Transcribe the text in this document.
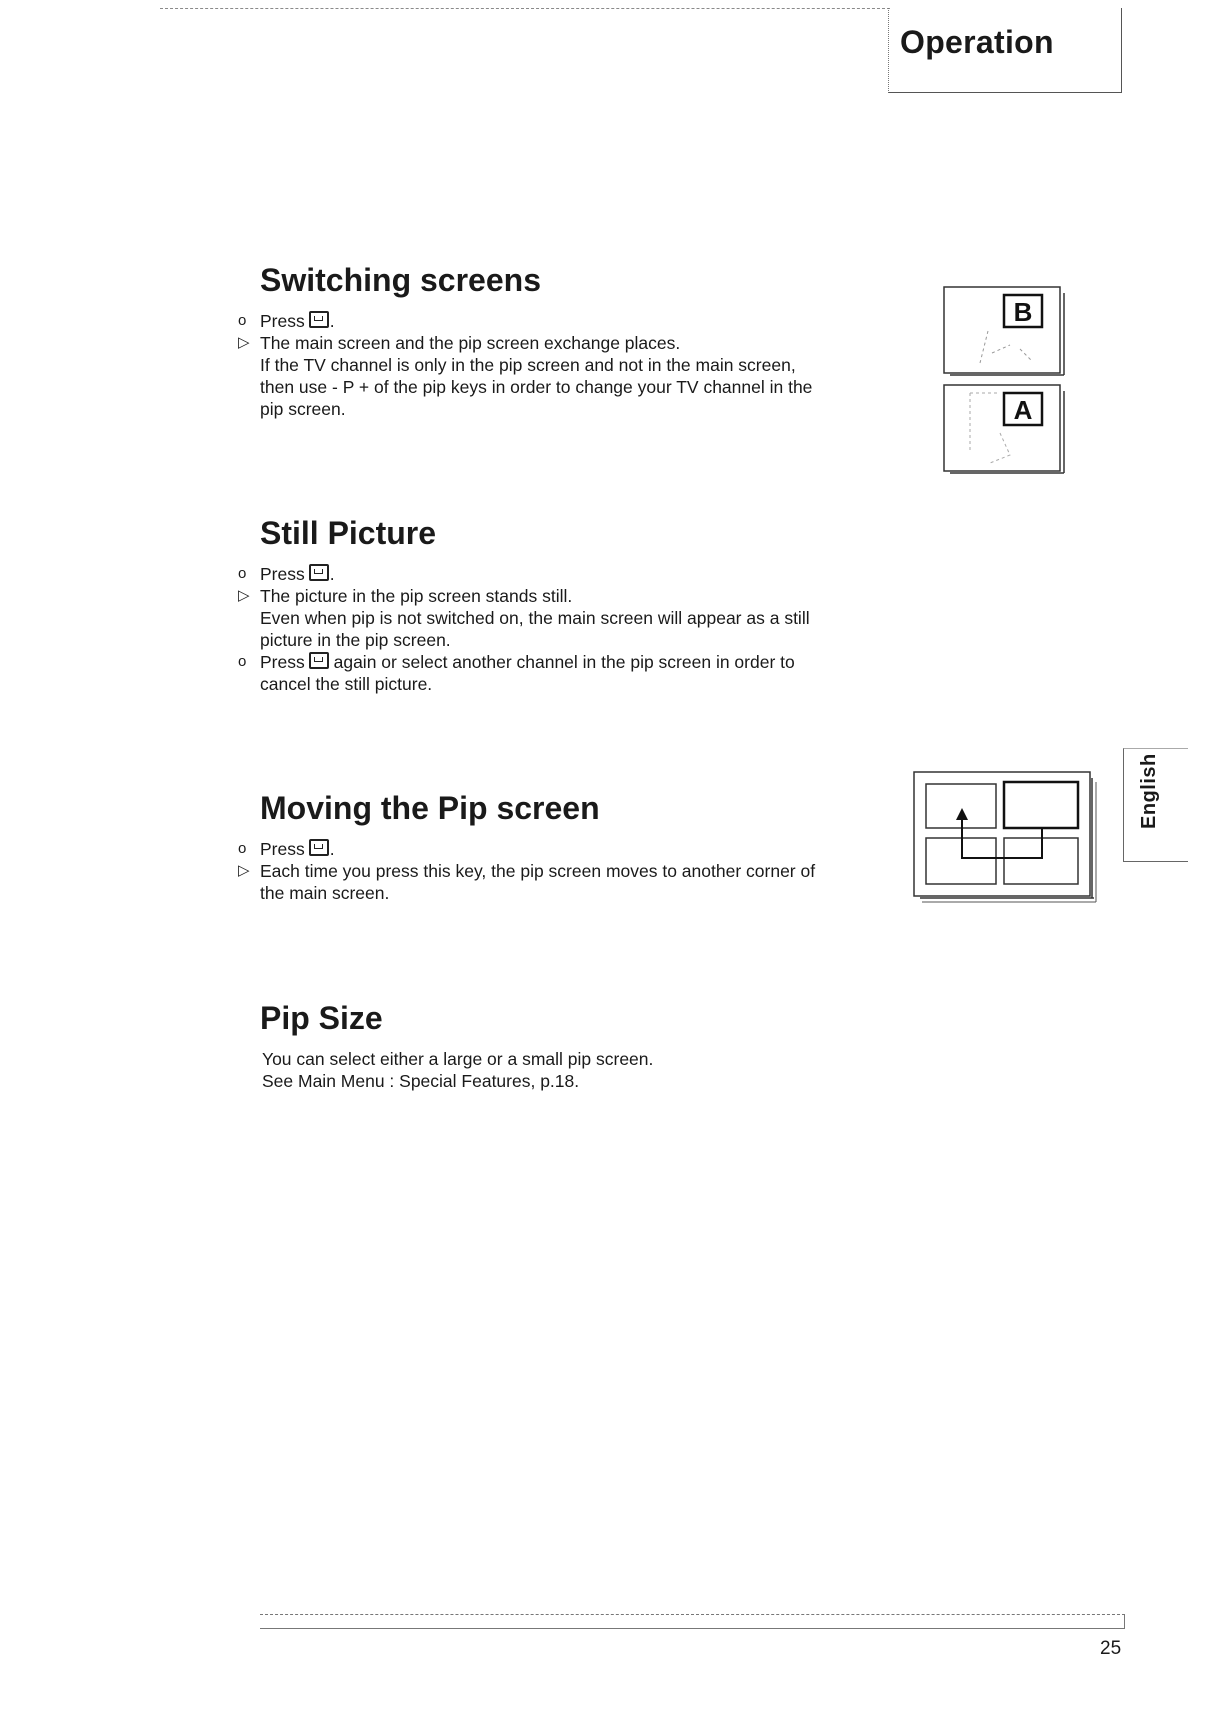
Operation
Switching screens
o Press .
▷ The main screen and the pip screen exchange places.
If the TV channel is only in the pip screen and not in the main screen,
then use - P + of the pip keys in order to change your TV channel in the
pip screen.
B
A
Still Picture
o Press .
▷ The picture in the pip screen stands still.
Even when pip is not switched on, the main screen will appear as a still
picture in the pip screen.
o Press again or select another channel in the pip screen in order to
cancel the still picture.
Moving the Pip screen
o Press .
▷ Each time you press this key, the pip screen moves to another corner of
the main screen.
Pip Size
You can select either a large or a small pip screen.
See Main Menu : Special Features, p.18.
English
25
